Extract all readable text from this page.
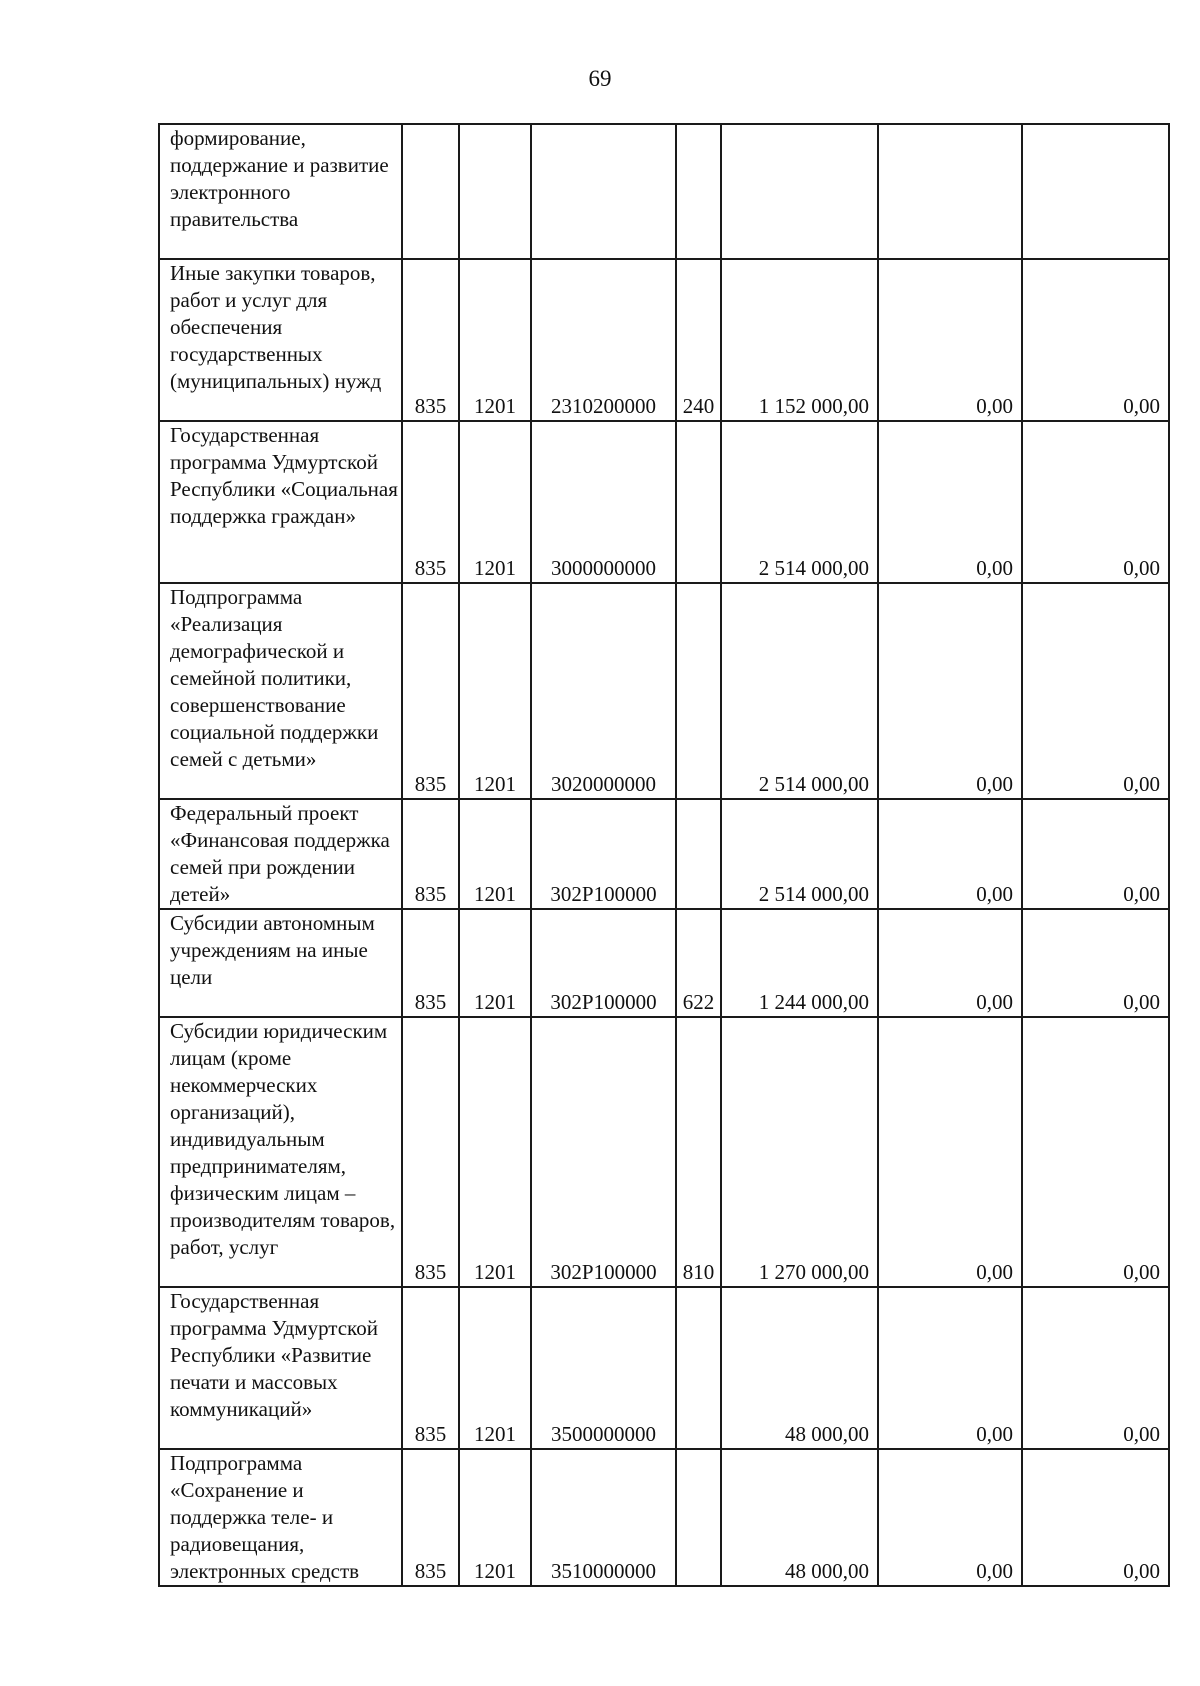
69
формирование, поддержание и развитие электронного правительства							
Иные закупки товаров, работ и услуг для обеспечения государственных (муниципальных) нужд	835	1201	2310200000	240	1 152 000,00	0,00	0,00
Государственная программа Удмуртской Республики «Социальная поддержка граждан»	835	1201	3000000000		2 514 000,00	0,00	0,00
Подпрограмма «Реализация демографической и семейной политики, совершенствование социальной поддержки семей с детьми»	835	1201	3020000000		2 514 000,00	0,00	0,00
Федеральный проект «Финансовая поддержка семей при рождении детей»	835	1201	302Р100000		2 514 000,00	0,00	0,00
Субсидии автономным учреждениям на иные цели	835	1201	302Р100000	622	1 244 000,00	0,00	0,00
Субсидии юридическим лицам (кроме некоммерческих организаций), индивидуальным предпринимателям, физическим лицам – производителям товаров, работ, услуг	835	1201	302Р100000	810	1 270 000,00	0,00	0,00
Государственная программа Удмуртской Республики «Развитие печати и массовых коммуникаций»	835	1201	3500000000		48 000,00	0,00	0,00
Подпрограмма «Сохранение и поддержка теле- и радиовещания, электронных средств	835	1201	3510000000		48 000,00	0,00	0,00
